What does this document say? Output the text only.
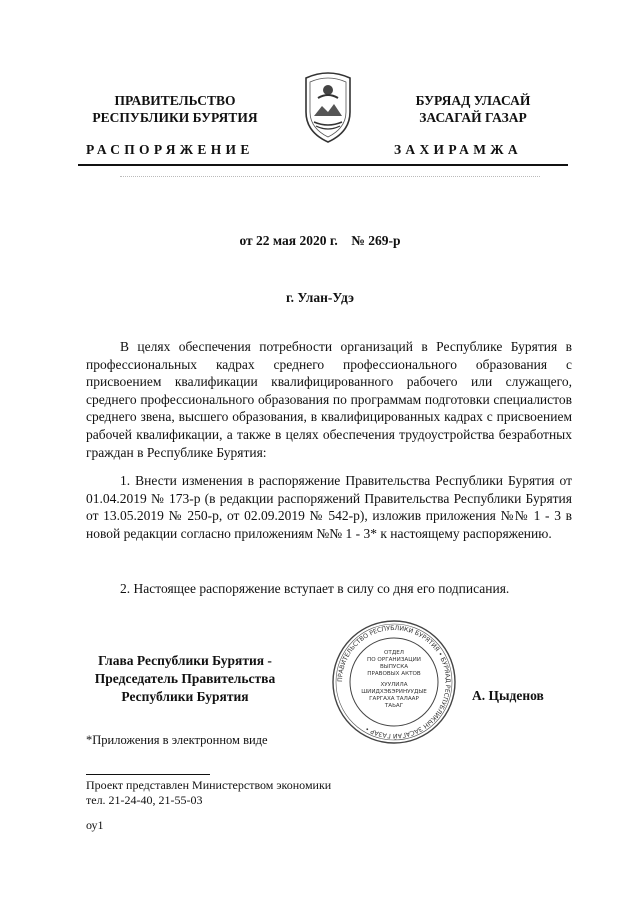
ПРАВИТЕЛЬСТВО
РЕСПУБЛИКИ БУРЯТИЯ
БУРЯАД УЛАСАЙ
ЗАСАГАЙ ГАЗАР
РАСПОРЯЖЕНИЕ	ЗАХИРАМЖА
от 22 мая 2020 г.    № 269-р
г. Улан-Удэ
В целях обеспечения потребности организаций в Республике Бурятия в профессиональных кадрах среднего профессионального образования с присвоением квалификации квалифицированного рабочего или служащего, среднего профессионального образования по программам подготовки специалистов среднего звена, высшего образования, в квалифицированных кадрах с присвоением рабочей квалификации, а также в целях обеспечения трудоустройства безработных граждан в Республике Бурятия:
1. Внести изменения в распоряжение Правительства Республики Бурятия от 01.04.2019 № 173-р (в редакции распоряжений Правительства Республики Бурятия от 13.05.2019 № 250-р, от 02.09.2019 № 542-р), изложив приложения №№ 1 - 3 в новой редакции согласно приложениям №№ 1 - 3* к настоящему распоряжению.
2. Настоящее распоряжение вступает в силу со дня его подписания.
ПРАВИТЕЛЬСТВО РЕСПУБЛИКИ БУРЯТИЯ • БУРЯАД РЕСПУБЛИКЫН ЗАСАГАЙ ГАЗАР •
ОТДЕЛ
ПО ОРГАНИЗАЦИИ
ВЫПУСКА
ПРАВОВЫХ АКТОВ
ХУУЛИЛА
ШИИДХЭБЭРИНУУДЫЕ
ГАРГАХА ТАЛААР
ТАЬАГ
Глава Республики Бурятия -
Председатель Правительства
Республики Бурятия	А. Цыденов
*Приложения в электронном виде
Проект представлен Министерством экономики
тел. 21-24-40, 21-55-03
оу1
